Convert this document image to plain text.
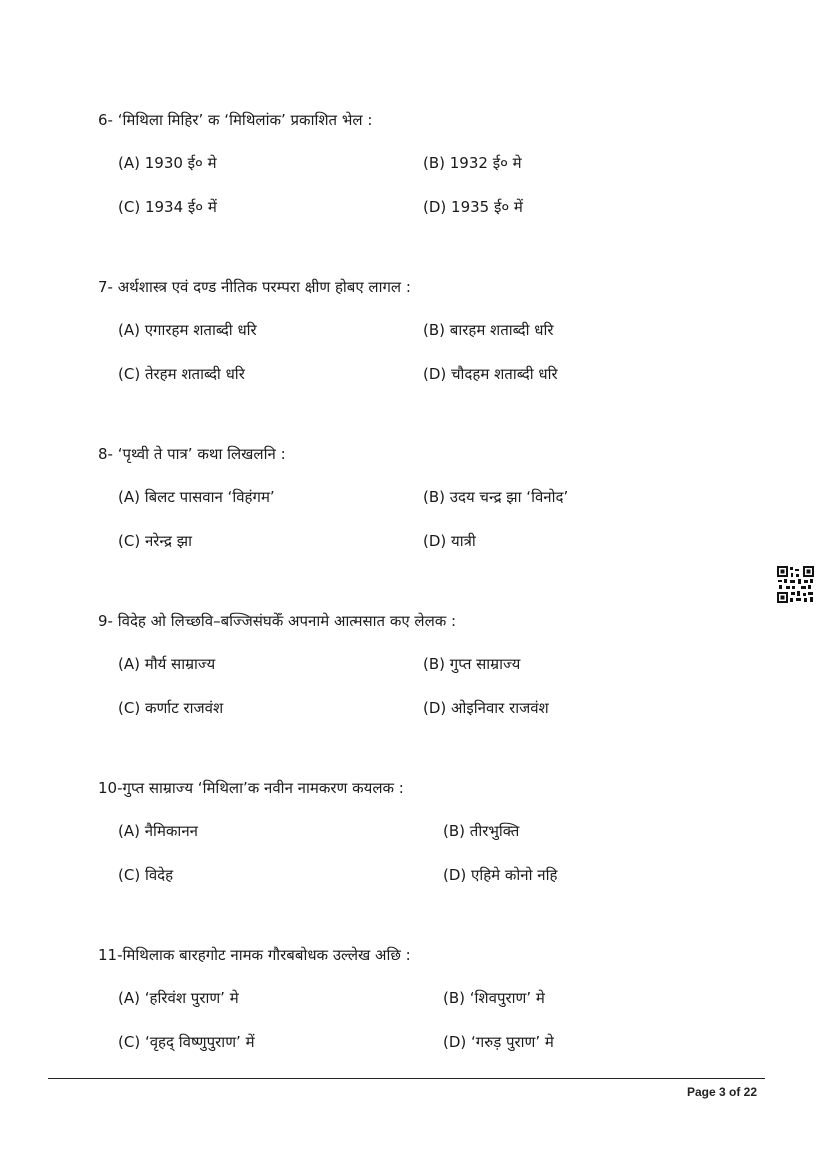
6- ‘मिथिला मिहिर’ क ‘मिथिलांक’ प्रकाशित भेल :
(A) 1930 ई० मे	(B) 1932 ई० मे
(C) 1934 ई० में	(D) 1935 ई० में
7- अर्थशास्त्र एवं दण्ड नीतिक परम्परा क्षीण होबए लागल :
(A) एगारहम शताब्दी धरि	(B) बारहम शताब्दी धरि
(C) तेरहम शताब्दी धरि	(D) चौदहम शताब्दी धरि
8- ‘पृथ्वी ते पात्र’ कथा लिखलनि :
(A) बिलट पासवान ‘विहंगम’	(B) उदय चन्द्र झा ‘विनोद’
(C) नरेन्द्र झा	(D) यात्री
9- विदेह ओ लिच्छवि–बज्जिसंघकेँ अपनामे आत्मसात कए लेलक :
(A) मौर्य साम्राज्य	(B) गुप्त साम्राज्य
(C) कर्णाट राजवंश	(D) ओइनिवार राजवंश
10-गुप्त साम्राज्य ‘मिथिला’क नवीन नामकरण कयलक :
(A) नैमिकानन	(B) तीरभुक्ति
(C) विदेह	(D) एहिमे कोनो नहि
11-मिथिलाक बारहगोट नामक गौरबबोधक उल्लेख अछि :
(A) ‘हरिवंश पुराण’ मे	(B) ‘शिवपुराण’ मे
(C) ‘वृहद् विष्णुपुराण’ में	(D) ‘गरुड़ पुराण’ मे
Page 3 of 22
